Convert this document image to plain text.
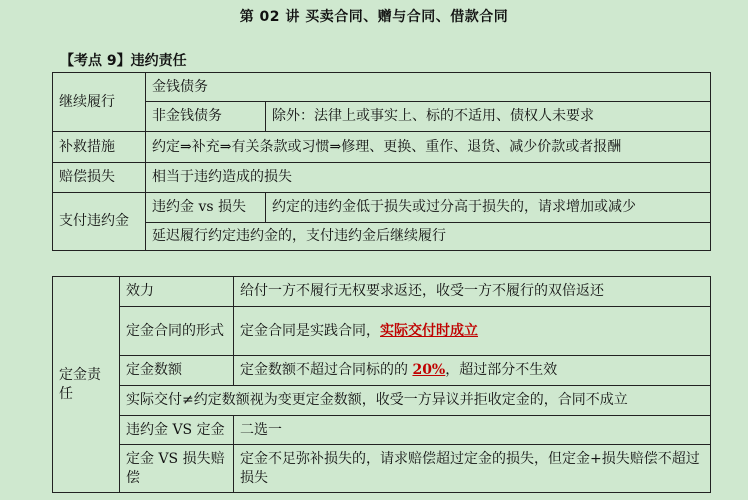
第 02 讲 买卖合同、赠与合同、借款合同
【考点 9】违约责任
继续履行	金钱债务	
	非金钱债务	除外：法律上或事实上、标的不适用、债权人未要求
补救措施	约定⇒补充⇒有关条款或习惯⇒修理、更换、重作、退货、减少价款或者报酬	
赔偿损失	相当于违约造成的损失	
支付违约金	违约金 vs 损失	约定的违约金低于损失或过分高于损失的，请求增加或减少
	延迟履行约定违约金的，支付违约金后继续履行	
定金责任	效力	给付一方不履行无权要求返还，收受一方不履行的双倍返还
	定金合同的形式	定金合同是实践合同，实际交付时成立
	定金数额	定金数额不超过合同标的的 20%，超过部分不生效
	实际交付≠约定数额视为变更定金数额，收受一方异议并拒收定金的，合同不成立	
	违约金 VS 定金	二选一
	定金 VS 损失赔偿	定金不足弥补损失的，请求赔偿超过定金的损失，但定金+损失赔偿不超过损失
